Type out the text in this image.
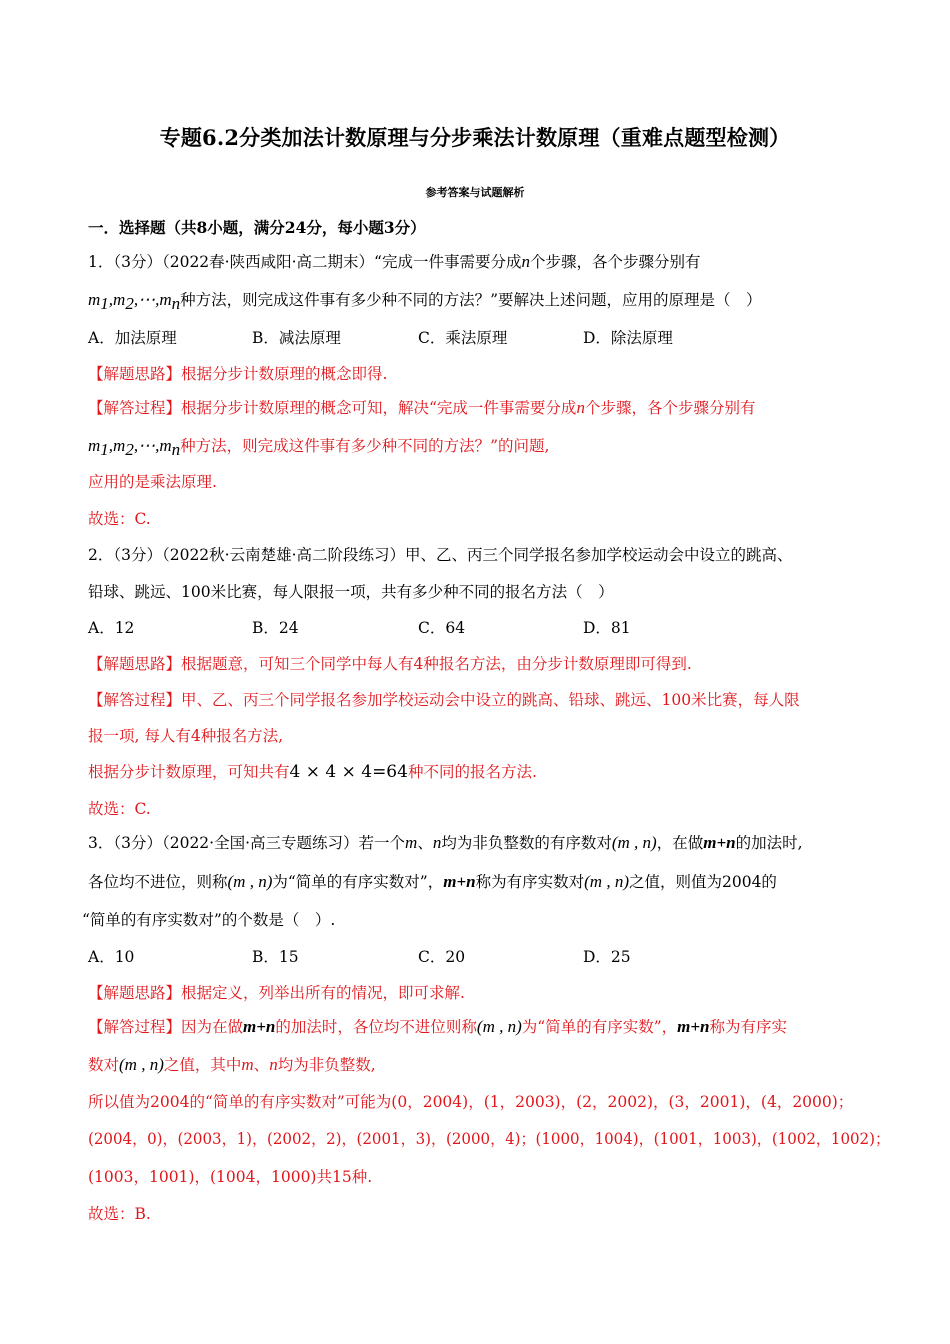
专题6.2分类加法计数原理与分步乘法计数原理（重难点题型检测）
参考答案与试题解析
一．选择题（共8小题，满分24分，每小题3分）
1．（3分）（2022春·陕西咸阳·高二期末）“完成一件事需要分成n个步骤，各个步骤分别有
$m_1,m_2,\cdots,m_n$种方法，则完成这件事有多少种不同的方法？”要解决上述问题，应用的原理是（　）
A．加法原理	B．减法原理	C．乘法原理	D．除法原理
【解题思路】根据分步计数原理的概念即得.
【解答过程】根据分步计数原理的概念可知，解决“完成一件事需要分成n个步骤，各个步骤分别有
$m_1,m_2,\cdots,m_n$种方法，则完成这件事有多少种不同的方法？”的问题,
应用的是乘法原理.
故选：C.
2．（3分）（2022秋·云南楚雄·高二阶段练习）甲、乙、丙三个同学报名参加学校运动会中设立的跳高、
铅球、跳远、100米比赛，每人限报一项，共有多少种不同的报名方法（　）
A．12	B．24	C．64	D．81
【解题思路】根据题意，可知三个同学中每人有4种报名方法，由分步计数原理即可得到.
【解答过程】甲、乙、丙三个同学报名参加学校运动会中设立的跳高、铅球、跳远、100米比赛，每人限
报一项, 每人有4种报名方法,
根据分步计数原理，可知共有4 × 4 × 4=64种不同的报名方法.
故选：C.
3．（3分）（2022·全国·高三专题练习）若一个m、n均为非负整数的有序数对(m , n)，在做m+n的加法时,
各位均不进位，则称(m , n)为“简单的有序实数对”，m+n称为有序实数对(m , n)之值，则值为2004的
“简单的有序实数对”的个数是（　）.
A．10	B．15	C．20	D．25
【解题思路】根据定义，列举出所有的情况，即可求解.
【解答过程】因为在做m+n的加法时，各位均不进位则称(m , n)为“简单的有序实数”，m+n称为有序实
数对(m , n)之值，其中m、n均为非负整数,
所以值为2004的“简单的有序实数对”可能为(0，2004)，(1，2003)，(2，2002)，(3，2001)，(4，2000)；
(2004，0)，(2003，1)，(2002，2)，(2001，3)，(2000，4)；(1000，1004)，(1001，1003)，(1002，1002)；
(1003，1001)，(1004，1000)共15种.
故选：B.
